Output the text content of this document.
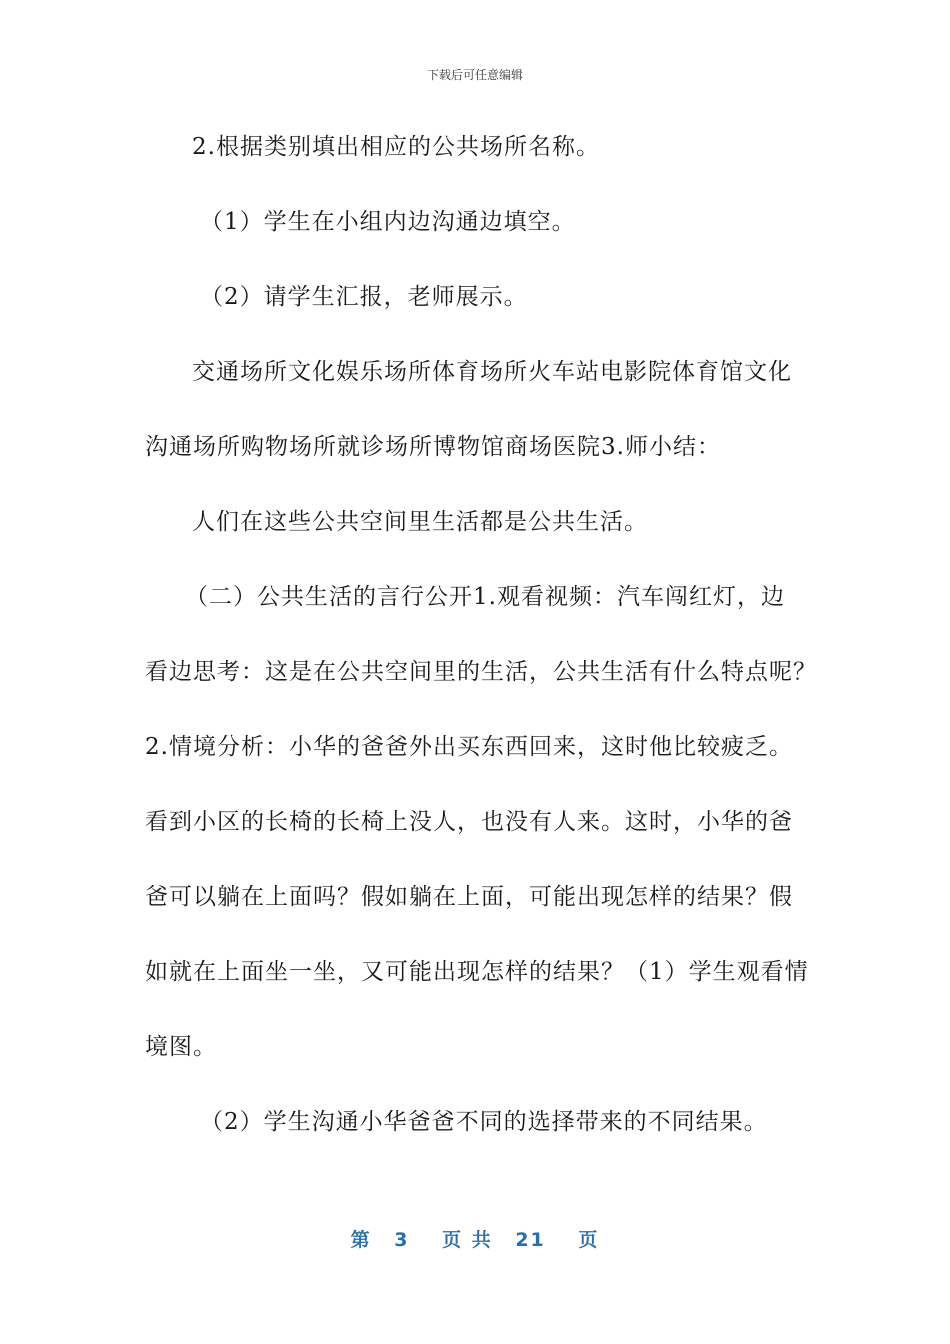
下载后可任意编辑
2.根据类别填出相应的公共场所名称。
（1）学生在小组内边沟通边填空。
（2）请学生汇报，老师展示。
交通场所文化娱乐场所体育场所火车站电影院体育馆文化
沟通场所购物场所就诊场所博物馆商场医院3.师小结：
人们在这些公共空间里生活都是公共生活。
（二）公共生活的言行公开1.观看视频：汽车闯红灯，边
看边思考：这是在公共空间里的生活，公共生活有什么特点呢？
2.情境分析：小华的爸爸外出买东西回来，这时他比较疲乏。
看到小区的长椅的长椅上没人，也没有人来。这时，小华的爸
爸可以躺在上面吗？假如躺在上面，可能出现怎样的结果？假
如就在上面坐一坐，又可能出现怎样的结果？（1）学生观看情
境图。
（2）学生沟通小华爸爸不同的选择带来的不同结果。
第 3 页 共 21 页
